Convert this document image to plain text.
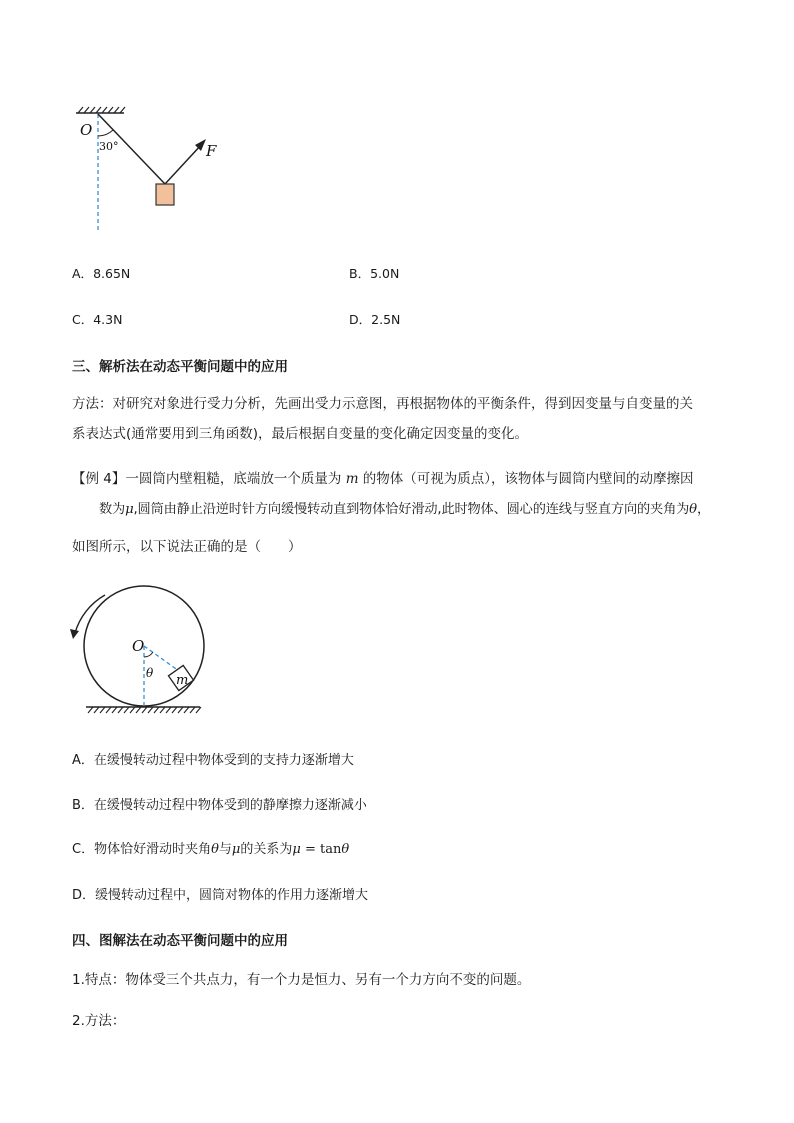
O
30°	F
A．8.65N	B．5.0N
C．4.3N	D．2.5N
三、解析法在动态平衡问题中的应用
方法：对研究对象进行受力分析，先画出受力示意图，再根据物体的平衡条件，得到因变量与自变量的关
系表达式(通常要用到三角函数)，最后根据自变量的变化确定因变量的变化。
【例 4】一圆筒内壁粗糙，底端放一个质量为 m 的物体（可视为质点），该物体与圆筒内壁间的动摩擦因
数为μ,圆筒由静止沿逆时针方向缓慢转动直到物体恰好滑动,此时物体、圆心的连线与竖直方向的夹角为θ，
如图所示，以下说法正确的是（　　）
O
θ m
A．在缓慢转动过程中物体受到的支持力逐渐增大
B．在缓慢转动过程中物体受到的静摩擦力逐渐减小
C．物体恰好滑动时夹角θ与μ的关系为μ = tanθ
D．缓慢转动过程中，圆筒对物体的作用力逐渐增大
四、图解法在动态平衡问题中的应用
1.特点：物体受三个共点力，有一个力是恒力、另有一个力方向不变的问题。
2.方法：
